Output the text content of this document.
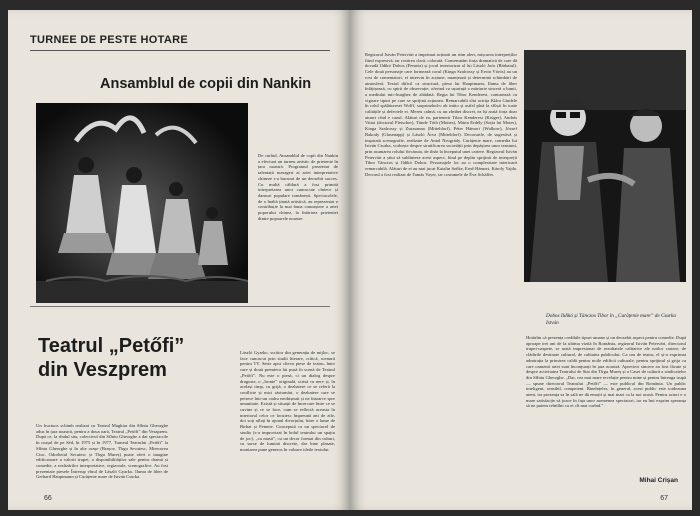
TURNEE DE PESTE HOTARE
Ansamblul de copii din Nankin
De curînd, Ansamblul de copii din Nankin a efectuat un turneu artistic de prietenie în țara noastră. Programul prezentat de talentații mesageri ai artei interpretative chineze s-a bucurat de un deosebit succes. Cu multă căldură a fost primită interpretarea unor cunoscute cîntece și dansuri populare românești. Spectacolele, de o înaltă ținută artistică, au reprezentat o contribuție la mai buna cunoaștere a artei poporului chinez, la întărirea prieteniei dintre popoarele noastre.
Teatrul „Petőfi”
din Veszprem
Un fructuos schimb realizat cu Teatrul Maghiar din Sfîntu Gheorghe adus în țara noastră, pentru a doua oară, Teatrul „Petőfi” din Veszprem. După ce, la rîndul său, colectivul din Sfîntu Gheorghe a dat spectacole în orașul de pe Séd, în 1975 și în 1977, Turneul Teatrului „Petőfi” la Sfîntu Gheorghe și în alte orașe (Brașov, Tîrgu Secuiesc, Miercurea Ciuc, Odorheiul Secuiesc și Tîrgu Mureș) poate oferi o imagine edificatoare a valorii trupei, a disponibilităților sale pentru dramă și comedie, a realizărilor interpretative, regizorale, scenografice. Au fost prezentate piesele Întrerup vînul de László Gyarko, Iluma de liber de Gerhard Hauptmann și Curățenie mare de István Csurka.
László Gyarko, scriitor din generația de mijloc, se face cunoscut prin studii literare, critică, scenarii pentru TV. Serie apoi cîteva piese de teatru, între care și două premiera lui pusă în scenă de Teatrul „Petőfi”. Nu este o piesă, ci un dialog despre dragoste, o „Ironie” originală, scrisă cu nerv și, în același timp, cu grijă, o dezbatere ce se referă la conflicte și mici răsturnări, o dezbatere care se petrece într-un cadru neobișnuit și ne întoarce spre umanitate. Există și situații de încercare între ce se cuvine și ce se face, cum se reflectă aceasta în interiorul celor ce locuiesc împreună ani de zile, doi soți aflați în ajunul divorțului, între o lume de Birbat și Femeie. Concepută ca un spectacol de studio (s-a improvizat în holul teatrului un spațiu de joc), „cu masă”, cu un decor format din cuburi, cu surse de lumină discrete, dar bine plasate, montarea pune generos în valoare ideile textului.
66
Regizorul István Petervári a imprimat acțiunii un ritm alert, mișcarea interpreților fiind expresivă, iar rostirea clară, colorată. Consemnăm forța dramatică de care dă dovadă Ildikó Dobos (Femeia) și jocul interiorizat al lui László Joós (Bărbatul). Cele două personaje care formează corul (Kinga Szalrossy și Ervin Vörös) au un rost de comentatori, ei intervin în acțiune, nuanțează și determină schimbări de atmosferă. Textul dificil ca structură, piesa lui Hauptmann, Iluma de liber înfățișează, cu spirit de observație, oferind cu ușurință o mărturie sinceră a lumii, a mediului mic-burghez de altădată. Regia lui Tibor Kenderesi, conturează cu vigoare tipuri pe care se sprijină acțiunea. Remarcabili sînt actrița Klára Gindele în rolul spălătoresei Wolff, surprinzînd-o ab initio și astfel pînă la sfîrșit în toate calitățile și defectele ei. Mereu calmă, cu un zîmbet discret, ea își arată forța doar atunci cînd e cazul. Alături de ea, partenerii Tibor Kenderesi (Krüger), András Vittai (doctorul Fleischer), Tünde Tóth (Mottes), Mária Erdély (Soția lui Motes), Kinga Szalrossy și Zsuzsanna (Mitteldorf), Péter Hámori (Wulkow), József Bakody (Glasenapp) și László Árva (Mitteldorf). Decorurile, de sugestivă și inspirată scenografie, realizate de Antal Neogrády. Curățenie mare, comedia lui István Csurka, vorbește despre stratificarea societății prin depășirea unor tensiuni, prin asumarea rolului fiecăruia, de tînăr la începutul unei cariere. Regizorul István Petervári a știut să sublinieze acest aspect, fiind pe deplin sprijinit de interpreții Tibor Tánczos și Ildikó Dobos. Personajele lor au o complexitate interioară remarcabilă. Alături de ei au mai jucat Katalin Szőke, Ernő Hámori, Károly Vajda. Decorul a fost realizat de Tamás Vayer, iar costumele de Éva Schäffer.
Dobos Ildikó și Tánczos Tibor în „Curățenie mare” de Csurka István
Hotărîm că prezența credibile tipuri umane și un deosebit aspect pentru comedie. După aproape trei ani de la ultima vizită în România, regizorul István Petervári, directorul trupei-oaspete, se arată impresionat de rezultatele calitative ale noilor cariere, de clădirile destinate cultural, de calitatea publicului. Ca om de teatru, el și-a exprimat admirația la primirea caldă pentru noile edificii culturale, pentru sprijinul și grija cu care oamenii artei sunt înconjurați în țara noastră. Aprecieri sincere au fost făcute și despre activitatea Teatrului de Stat din Tîrgu Mureș și a Casei de cultură a sindicatelor din Sfîntu Gheorghe. „Dar, cea mai mare revelație pentru mine și pentru întreaga trupă — spune directorul Teatrului „Petőfi” — este publicul din România. Un public inteligent, sensibil, competent. Bineînțeles, în general, acest public este totdeauna atent, iar prezența sa în sală ne dă emoții și mai mari ca la noi acasă. Pentru actori e o mare satisfacție să joace în fața unor asemenea spectatori, iar eu îmi exprim speranța să ne putem reîntîlni cu ei cît mai curînd.”
Mihai Crișan
67
